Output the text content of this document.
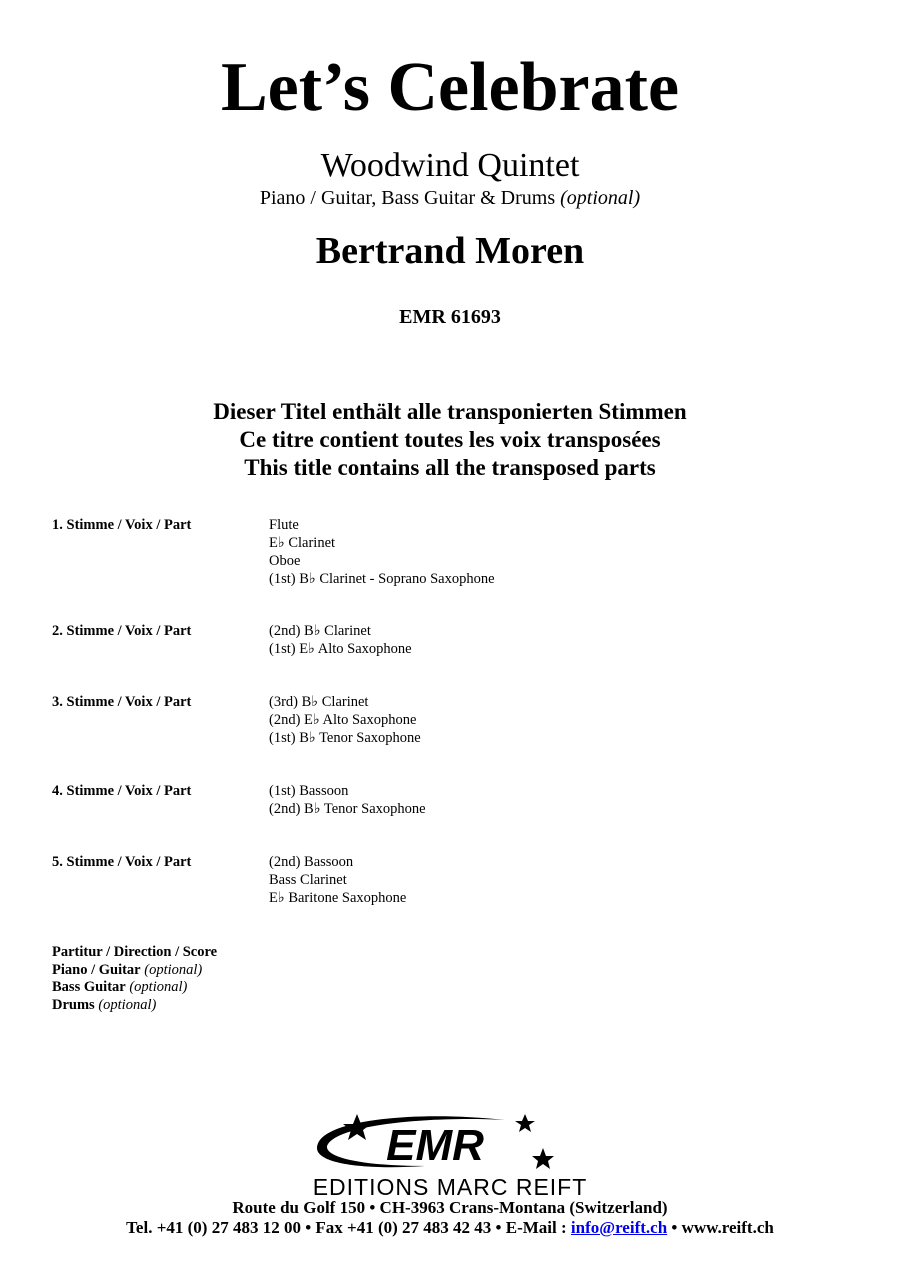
Let’s Celebrate
Woodwind Quintet
Piano / Guitar, Bass Guitar & Drums (optional)
Bertrand Moren
EMR 61693
Dieser Titel enthält alle transponierten Stimmen
Ce titre contient toutes les voix transposées
This title contains all the transposed parts
1. Stimme / Voix / Part	Flute
E♭ Clarinet
Oboe
(1st) B♭ Clarinet - Soprano Saxophone
2. Stimme / Voix / Part	(2nd) B♭ Clarinet
(1st) E♭ Alto Saxophone
3. Stimme / Voix / Part	(3rd) B♭ Clarinet
(2nd) E♭ Alto Saxophone
(1st) B♭ Tenor Saxophone
4. Stimme / Voix / Part	(1st) Bassoon
(2nd) B♭ Tenor Saxophone
5. Stimme / Voix / Part	(2nd) Bassoon
Bass Clarinet
E♭ Baritone Saxophone
Partitur / Direction / Score
Piano / Guitar (optional)
Bass Guitar (optional)
Drums (optional)
EMR
EDITIONS MARC REIFT
Route du Golf 150 • CH-3963 Crans-Montana (Switzerland)
Tel. +41 (0) 27 483 12 00 • Fax +41 (0) 27 483 42 43 • E-Mail : info@reift.ch • www.reift.ch
